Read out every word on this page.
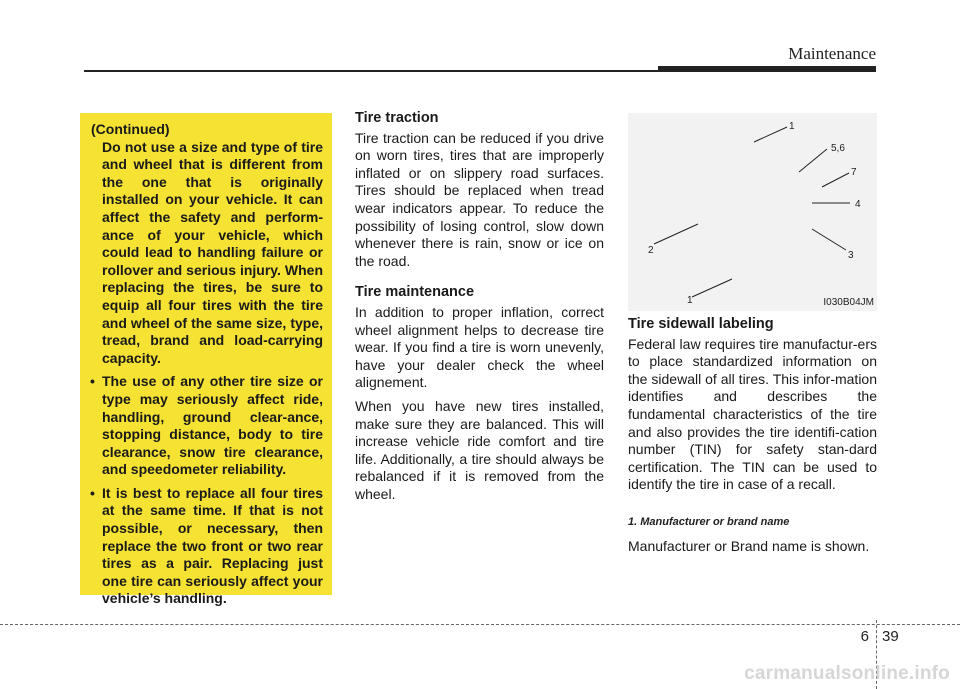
Maintenance
(Continued)
Do not use a size and type of tire and wheel that is different from the one that is originally installed on your vehicle. It can affect the safety and perform-ance of your vehicle, which could lead to handling failure or rollover and serious injury. When replacing the tires, be sure to equip all four tires with the tire and wheel of the same size, type, tread, brand and load-carrying capacity.
• The use of any other tire size or type may seriously affect ride, handling, ground clear-ance, stopping distance, body to tire clearance, snow tire clearance, and speedometer reliability.
• It is best to replace all four tires at the same time. If that is not possible, or necessary, then replace the two front or two rear tires as a pair. Replacing just one tire can seriously affect your vehicle’s handling.
Tire traction

Tire traction can be reduced if you drive on worn tires, tires that are improperly inflated or on slippery road surfaces. Tires should be replaced when tread wear indicators appear. To reduce the possibility of losing control, slow down whenever there is rain, snow or ice on the road.

Tire maintenance

In addition to proper inflation, correct wheel alignment helps to decrease tire wear. If you find a tire is worn unevenly, have your dealer check the wheel alignement.

When you have new tires installed, make sure they are balanced. This will increase vehicle ride comfort and tire life. Additionally, a tire should always be rebalanced if it is removed from the wheel.

1
5,6
7
4
3
2
1	I030B04JM
Tire sidewall labeling

Federal law requires tire manufactur-ers to place standardized information on the sidewall of all tires. This infor-mation identifies and describes the fundamental characteristics of the tire and also provides the tire identifi-cation number (TIN) for safety stan-dard certification. The TIN can be used to identify the tire in case of a recall.

1. Manufacturer or brand name

Manufacturer or Brand name is shown.

6 39
carmanualsonline.info
